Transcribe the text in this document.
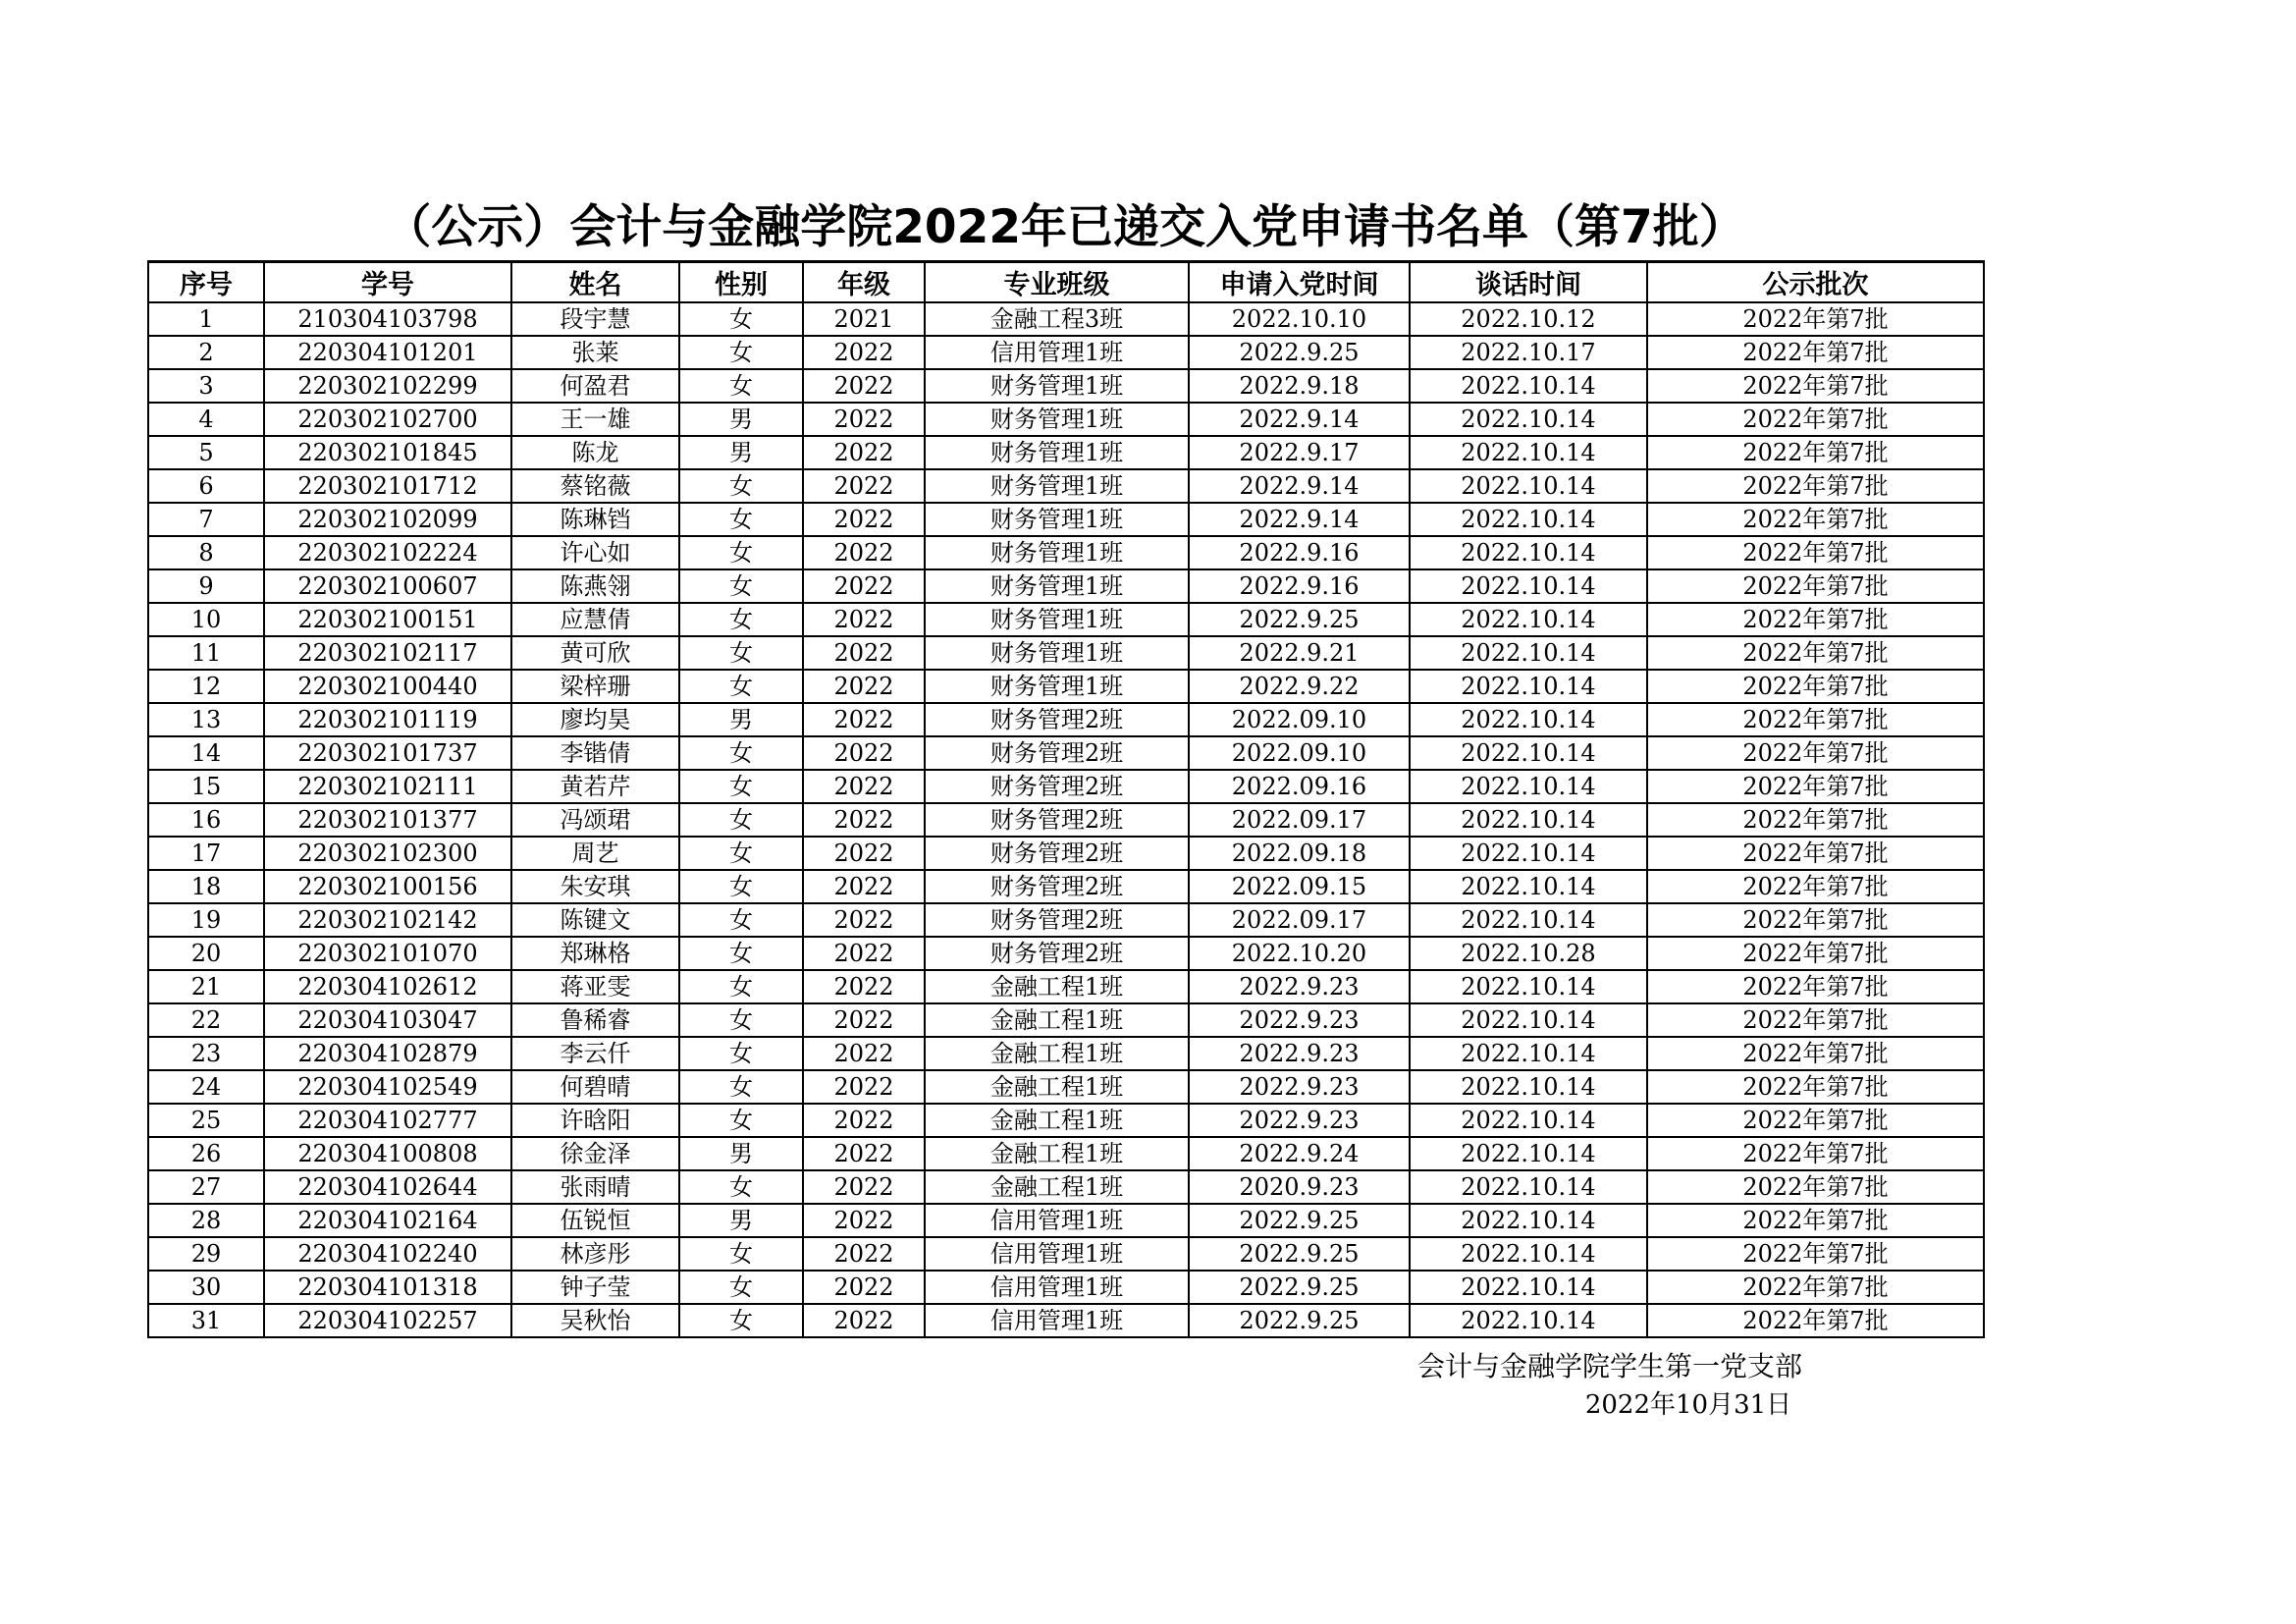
（公示）会计与金融学院2022年已递交入党申请书名单（第7批）
序号	学号	姓名	性别	年级	专业班级	申请入党时间	谈话时间	公示批次
1	210304103798	段宇慧	女	2021	金融工程3班	2022.10.10	2022.10.12	2022年第7批
2	220304101201	张莱	女	2022	信用管理1班	2022.9.25	2022.10.17	2022年第7批
3	220302102299	何盈君	女	2022	财务管理1班	2022.9.18	2022.10.14	2022年第7批
4	220302102700	王一雄	男	2022	财务管理1班	2022.9.14	2022.10.14	2022年第7批
5	220302101845	陈龙	男	2022	财务管理1班	2022.9.17	2022.10.14	2022年第7批
6	220302101712	蔡铭薇	女	2022	财务管理1班	2022.9.14	2022.10.14	2022年第7批
7	220302102099	陈琳铛	女	2022	财务管理1班	2022.9.14	2022.10.14	2022年第7批
8	220302102224	许心如	女	2022	财务管理1班	2022.9.16	2022.10.14	2022年第7批
9	220302100607	陈燕翎	女	2022	财务管理1班	2022.9.16	2022.10.14	2022年第7批
10	220302100151	应慧倩	女	2022	财务管理1班	2022.9.25	2022.10.14	2022年第7批
11	220302102117	黄可欣	女	2022	财务管理1班	2022.9.21	2022.10.14	2022年第7批
12	220302100440	梁梓珊	女	2022	财务管理1班	2022.9.22	2022.10.14	2022年第7批
13	220302101119	廖均昊	男	2022	财务管理2班	2022.09.10	2022.10.14	2022年第7批
14	220302101737	李锴倩	女	2022	财务管理2班	2022.09.10	2022.10.14	2022年第7批
15	220302102111	黄若芹	女	2022	财务管理2班	2022.09.16	2022.10.14	2022年第7批
16	220302101377	冯颂珺	女	2022	财务管理2班	2022.09.17	2022.10.14	2022年第7批
17	220302102300	周艺	女	2022	财务管理2班	2022.09.18	2022.10.14	2022年第7批
18	220302100156	朱安琪	女	2022	财务管理2班	2022.09.15	2022.10.14	2022年第7批
19	220302102142	陈键文	女	2022	财务管理2班	2022.09.17	2022.10.14	2022年第7批
20	220302101070	郑琳格	女	2022	财务管理2班	2022.10.20	2022.10.28	2022年第7批
21	220304102612	蒋亚雯	女	2022	金融工程1班	2022.9.23	2022.10.14	2022年第7批
22	220304103047	鲁稀睿	女	2022	金融工程1班	2022.9.23	2022.10.14	2022年第7批
23	220304102879	李云仟	女	2022	金融工程1班	2022.9.23	2022.10.14	2022年第7批
24	220304102549	何碧晴	女	2022	金融工程1班	2022.9.23	2022.10.14	2022年第7批
25	220304102777	许晗阳	女	2022	金融工程1班	2022.9.23	2022.10.14	2022年第7批
26	220304100808	徐金泽	男	2022	金融工程1班	2022.9.24	2022.10.14	2022年第7批
27	220304102644	张雨晴	女	2022	金融工程1班	2020.9.23	2022.10.14	2022年第7批
28	220304102164	伍锐恒	男	2022	信用管理1班	2022.9.25	2022.10.14	2022年第7批
29	220304102240	林彦彤	女	2022	信用管理1班	2022.9.25	2022.10.14	2022年第7批
30	220304101318	钟子莹	女	2022	信用管理1班	2022.9.25	2022.10.14	2022年第7批
31	220304102257	吴秋怡	女	2022	信用管理1班	2022.9.25	2022.10.14	2022年第7批
会计与金融学院学生第一党支部
2022年10月31日
